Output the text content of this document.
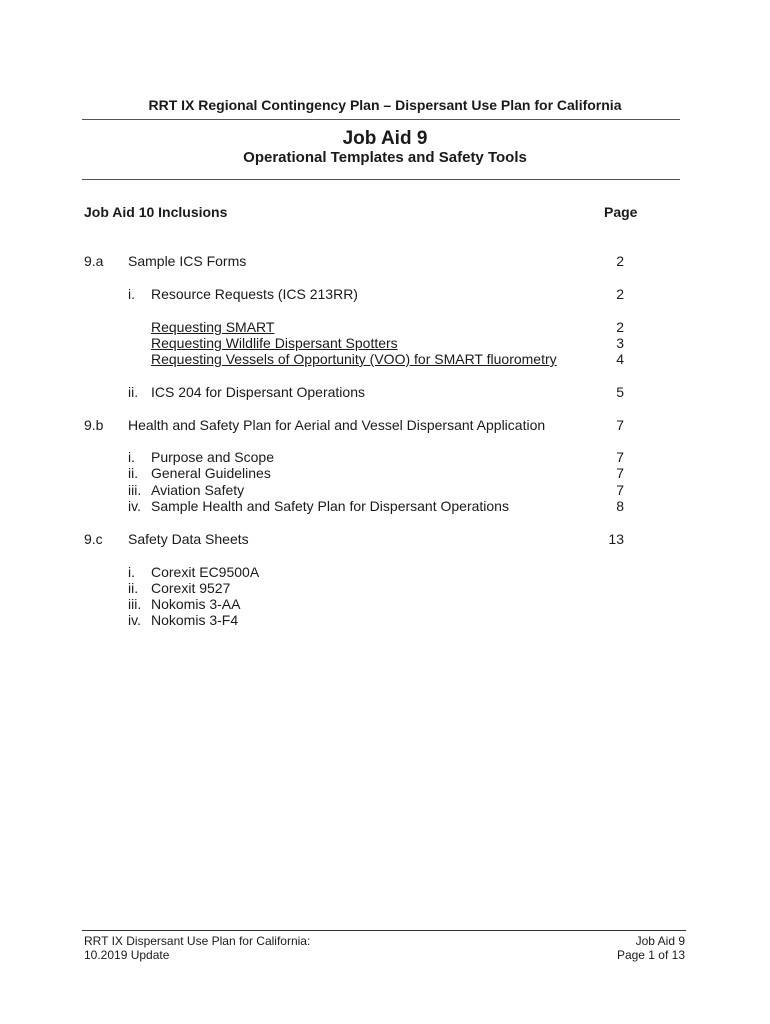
RRT IX Regional Contingency Plan – Dispersant Use Plan for California
Job Aid 9
Operational Templates and Safety Tools
Job Aid 10 Inclusions	Page
9.a Sample ICS Forms	2
i. Resource Requests (ICS 213RR)	2
Requesting SMART	2
Requesting Wildlife Dispersant Spotters	3
Requesting Vessels of Opportunity (VOO) for SMART fluorometry	4
ii. ICS 204 for Dispersant Operations	5
9.b Health and Safety Plan for Aerial and Vessel Dispersant Application	7
i. Purpose and Scope	7
ii. General Guidelines	7
iii. Aviation Safety	7
iv. Sample Health and Safety Plan for Dispersant Operations	8
9.c Safety Data Sheets	13
i. Corexit EC9500A
ii. Corexit 9527
iii. Nokomis 3-AA
iv. Nokomis 3-F4
RRT IX Dispersant Use Plan for California:
10.2019 Update
Job Aid 9
Page 1 of 13
